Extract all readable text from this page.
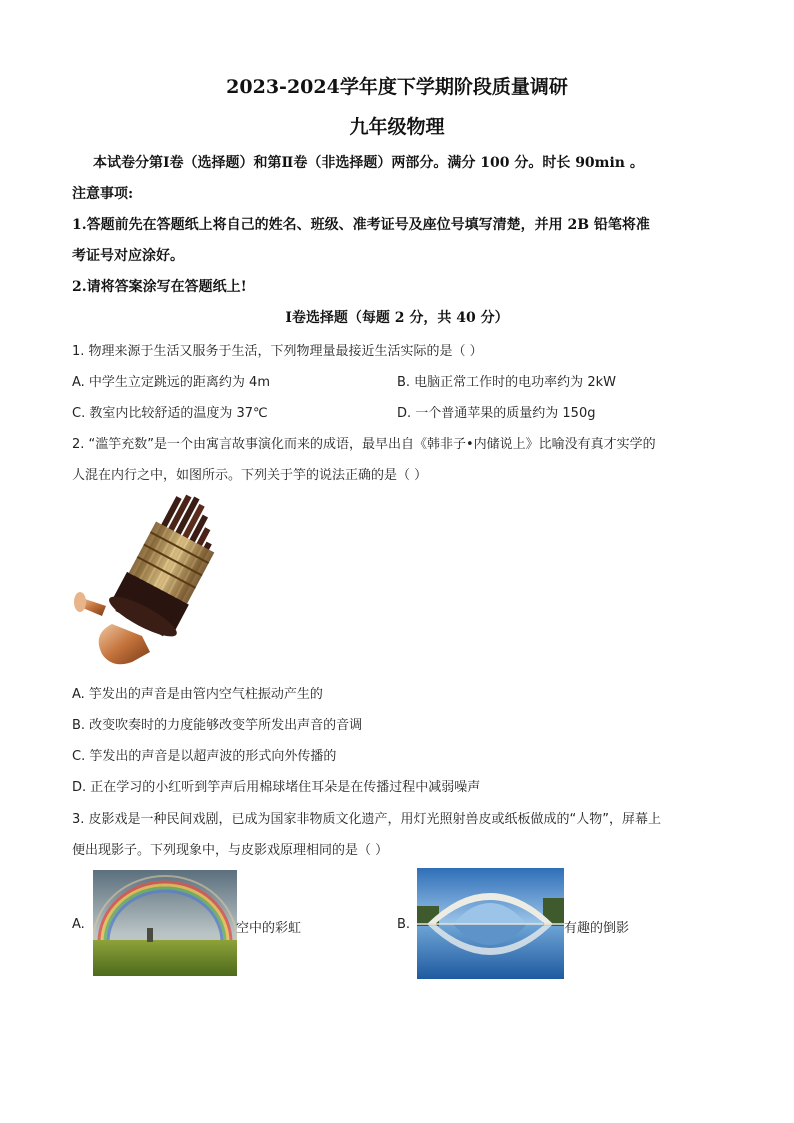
2023-2024学年度下学期阶段质量调研
九年级物理
本试卷分第Ⅰ卷（选择题）和第Ⅱ卷（非选择题）两部分。满分 100 分。时长 90min 。
注意事项:
1.答题前先在答题纸上将自己的姓名、班级、准考证号及座位号填写清楚，并用 2B 铅笔将准
考证号对应涂好。
2.请将答案涂写在答题纸上!
Ⅰ卷选择题（每题 2 分，共 40 分）
1. 物理来源于生活又服务于生活，下列物理量最接近生活实际的是（ ）
A. 中学生立定跳远的距离约为 4m	B. 电脑正常工作时的电功率约为 2kW
C. 教室内比较舒适的温度为 37℃	D. 一个普通苹果的质量约为 150g
2. “滥竽充数”是一个由寓言故事演化而来的成语，最早出自《韩非子•内储说上》比喻没有真才实学的
人混在内行之中，如图所示。下列关于竽的说法正确的是（ ）
A. 竽发出的声音是由管内空气柱振动产生的
B. 改变吹奏时的力度能够改变竽所发出声音的音调
C. 竽发出的声音是以超声波的形式向外传播的
D. 正在学习的小红听到竽声后用棉球堵住耳朵是在传播过程中减弱噪声
3. 皮影戏是一种民间戏剧，已成为国家非物质文化遗产，用灯光照射兽皮或纸板做成的“人物”，屏幕上
便出现影子。下列现象中，与皮影戏原理相同的是（ ）
A.	空中的彩虹	B.	有趣的倒影
